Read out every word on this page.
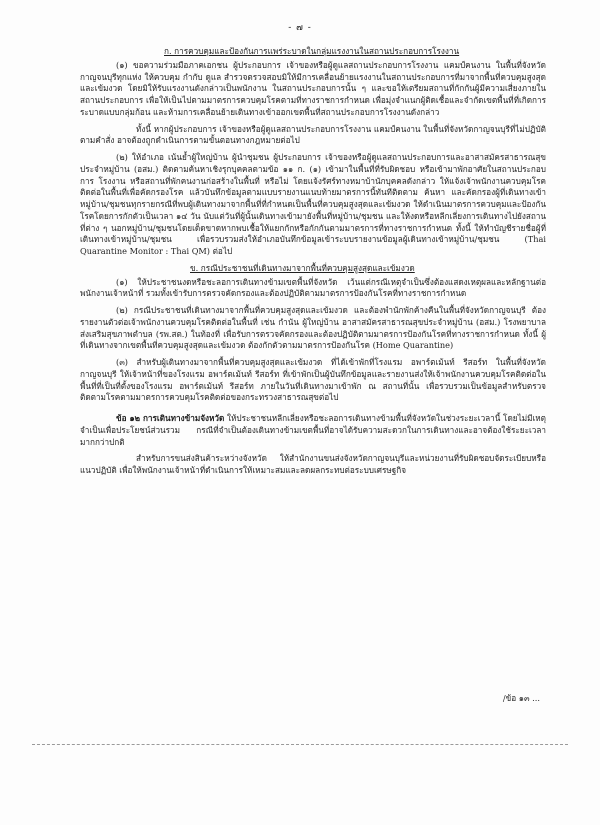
- ๗ -

ก. การควบคุมและป้องกันการแพร่ระบาดในกลุ่มแรงงานในสถานประกอบการโรงงาน

(๑) ขอความร่วมมือภาคเอกชน ผู้ประกอบการ เจ้าของหรือผู้ดูแลสถานประกอบการโรงงาน แคมป์คนงาน ในพื้นที่จังหวัดกาญจนบุรีทุกแห่ง ให้ควบคุม กำกับ ดูแล สำรวจตรวจสอบมิให้มีการเคลื่อนย้ายแรงงานในสถานประกอบการที่มาจากพื้นที่ควบคุมสูงสุดและเข้มงวด โดยมิให้รับแรงงานดังกล่าวเป็นพนักงาน ในสถานประกอบการนั้น ๆ และขอให้เตรียมสถานที่กักกันผู้มีความเสี่ยงภายในสถานประกอบการ เพื่อให้เป็นไปตามมาตรการควบคุมโรคตามที่ทางราชการกำหนด เพื่อมุ่งจำแนกผู้ติดเชื้อและจำกัดเขตพื้นที่ที่เกิดการระบาดแบบกลุ่มก้อน และห้ามการเคลื่อนย้ายเดินทางเข้าออกเขตพื้นที่สถานประกอบการโรงงานดังกล่าว

ทั้งนี้ หากผู้ประกอบการ เจ้าของหรือผู้ดูแลสถานประกอบการโรงงาน แคมป์คนงาน ในพื้นที่จังหวัดกาญจนบุรีที่ไม่ปฏิบัติตามคำสั่ง อาจต้องถูกดำเนินการตามขั้นตอนทางกฎหมายต่อไป

(๒) ให้อำเภอ เน้นย้ำผู้ใหญ่บ้าน ผู้นำชุมชน ผู้ประกอบการ เจ้าของหรือผู้ดูแลสถานประกอบการและอาสาสมัครสาธารณสุขประจำหมู่บ้าน (อสม.) ติดตามค้นหาเชิงรุกบุคคลตามข้อ ๑๑ ก. (๑) เข้ามาในพื้นที่ที่รับผิดชอบ หรือเข้ามาพักอาศัยในสถานประกอบการ โรงงาน หรือสถานที่พักคนงานก่อสร้างในพื้นที่ หรือไม่ โดยแจ้งรัศร์ทางหมาบ้านักบุคคลดังกล่าว ให้แจ้งเจ้าพนักงานควบคุมโรคติดต่อในพื้นที่เพื่อคัดกรองโรค แล้วบันทึกข้อมูลตามแบบรายงานแนบท้ายมาตรการนี้ทันทีติดตาม ค้นหา และคัดกรองผู้ที่เดินทางเข้าหมู่บ้าน/ชุมชนทุกรายกรณีที่พบผู้เดินทางมาจากพื้นที่ที่กำหนดเป็นพื้นที่ควบคุมสูงสุดและเข้มงวด ให้ดำเนินมาตรการควบคุมและป้องกันโรคโดยการกักตัวเป็นเวลา ๑๔ วัน นับแต่วันที่ผู้นั้นเดินทางเข้ามายังพื้นที่หมู่บ้าน/ชุมชน และให้งดหรือหลีกเลี่ยงการเดินทางไปยังสถานที่ต่าง ๆ นอกหมู่บ้าน/ชุมชนโดยเด็ดขาดหากพบเชื้อให้แยกกักหรือกักกันตามมาตรการที่ทางราชการกำหนด ทั้งนี้ ให้ทำบัญชีรายชื่อผู้ที่เดินทางเข้าหมู่บ้าน/ชุมชน เพื่อรวบรวมส่งให้อำเภอบันทึกข้อมูลเข้าระบบรายงานข้อมูลผู้เดินทางเข้าหมู่บ้าน/ชุมชน (Thai Quarantine Monitor : Thai QM) ต่อไป

ข. กรณีประชาชนที่เดินทางมาจากพื้นที่ควบคุมสูงสุดและเข้มงวด

(๑) ให้ประชาชนงดหรือชะลอการเดินทางข้ามเขตพื้นที่จังหวัด เว้นแต่กรณีเหตุจำเป็นซึ่งต้องแสดงเหตุผลและหลักฐานต่อพนักงานเจ้าหน้าที่ รวมทั้งเข้ารับการตรวจคัดกรองและต้องปฏิบัติตามมาตรการป้องกันโรคที่ทางราชการกำหนด

(๒) กรณีประชาชนที่เดินทางมาจากพื้นที่ควบคุมสูงสุดและเข้มงวด และต้องพำนักพักค้างคืนในพื้นที่จังหวัดกาญจนบุรี ต้องรายงานตัวต่อเจ้าพนักงานควบคุมโรคติดต่อในพื้นที่ เช่น กำนัน ผู้ใหญ่บ้าน อาสาสมัครสาธารณสุขประจำหมู่บ้าน (อสม.) โรงพยาบาลส่งเสริมสุขภาพตำบล (รพ.สต.) ในท้องที่ เพื่อรับการตรวจคัดกรองและต้องปฏิบัติตามมาตรการป้องกันโรคที่ทางราชการกำหนด ทั้งนี้ ผู้ที่เดินทางจากเขตพื้นที่ควบคุมสูงสุดและเข้มงวด ต้องกักตัวตามมาตรการป้องกันโรค (Home Quarantine)

(๓) สำหรับผู้เดินทางมาจากพื้นที่ควบคุมสูงสุดและเข้มงวด ที่ได้เข้าพักที่โรงแรม อพาร์ตเม้นท์ รีสอร์ท ในพื้นที่จังหวัดกาญจนบุรี ให้เจ้าหน้าที่ของโรงแรม อพาร์ตเม้นท์ รีสอร์ท ที่เข้าพักเป็นผู้บันทึกข้อมูลและรายงานส่งให้เจ้าพนักงานควบคุมโรคติดต่อในพื้นที่ที่เป็นที่ตั้งของโรงแรม อพาร์ตเม้นท์ รีสอร์ท ภายในวันที่เดินทางมาเข้าพัก ณ สถานที่นั้น เพื่อรวบรวมเป็นข้อมูลสำหรับตรวจติดตามโรคตามมาตรการควบคุมโรคติดต่อของกระทรวงสาธารณสุขต่อไป

ข้อ ๑๒ การเดินทางข้ามจังหวัด ให้ประชาชนหลีกเลี่ยงหรือชะลอการเดินทางข้ามพื้นที่จังหวัดในช่วงระยะเวลานี้ โดยไม่มีเหตุจำเป็นเพื่อประโยชน์ส่วนรวม กรณีที่จำเป็นต้องเดินทางข้ามเขตพื้นที่อาจได้รับความสะดวกในการเดินทางและอาจต้องใช้ระยะเวลามากกว่าปกติ

สำหรับการขนส่งสินค้าระหว่างจังหวัด ให้สำนักงานขนส่งจังหวัดกาญจนบุรีและหน่วยงานที่รับผิดชอบจัดระเบียบหรือแนวปฏิบัติ เพื่อให้พนักงานเจ้าหน้าที่ดำเนินการให้เหมาะสมและลดผลกระทบต่อระบบเศรษฐกิจ

/ข้อ ๑๓ ...
